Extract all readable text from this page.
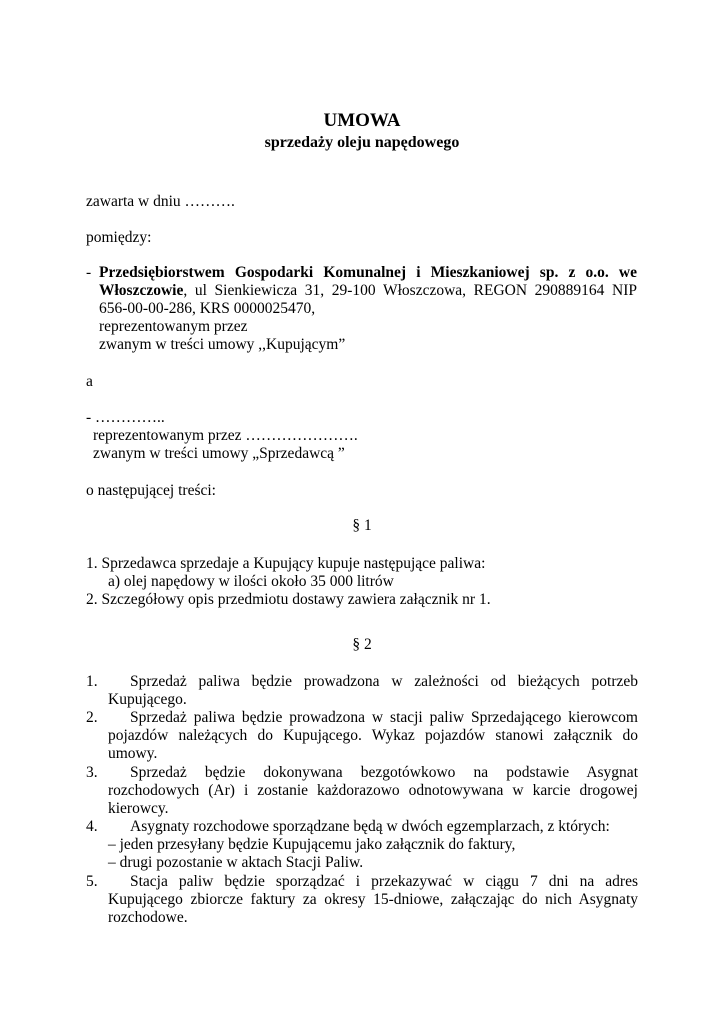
UMOWA
sprzedaży oleju napędowego
zawarta w dniu ……….
pomiędzy:
- Przedsiębiorstwem Gospodarki Komunalnej i Mieszkaniowej sp. z o.o. we
Włoszczowie, ul Sienkiewicza 31, 29-100 Włoszczowa, REGON 290889164 NIP
656-00-00-286, KRS 0000025470,
reprezentowanym przez
zwanym w treści umowy ,,Kupującym”
a
- …………..
reprezentowanym przez ………………….
zwanym w treści umowy „Sprzedawcą ”
o następującej treści:
§ 1
1. Sprzedawca sprzedaje a Kupujący kupuje następujące paliwa:
a) olej napędowy w ilości około 35 000 litrów
2. Szczegółowy opis przedmiotu dostawy zawiera załącznik nr 1.
§ 2
1. Sprzedaż paliwa będzie prowadzona w zależności od bieżących potrzeb
Kupującego.
2. Sprzedaż paliwa będzie prowadzona w stacji paliw Sprzedającego kierowcom
pojazdów należących do Kupującego. Wykaz pojazdów stanowi załącznik do
umowy.
3. Sprzedaż będzie dokonywana bezgotówkowo na podstawie Asygnat
rozchodowych (Ar) i zostanie każdorazowo odnotowywana w karcie drogowej
kierowcy.
4. Asygnaty rozchodowe sporządzane będą w dwóch egzemplarzach, z których:
– jeden przesyłany będzie Kupującemu jako załącznik do faktury,
– drugi pozostanie w aktach Stacji Paliw.
5. Stacja paliw będzie sporządzać i przekazywać w ciągu 7 dni na adres
Kupującego zbiorcze faktury za okresy 15-dniowe, załączając do nich Asygnaty
rozchodowe.
